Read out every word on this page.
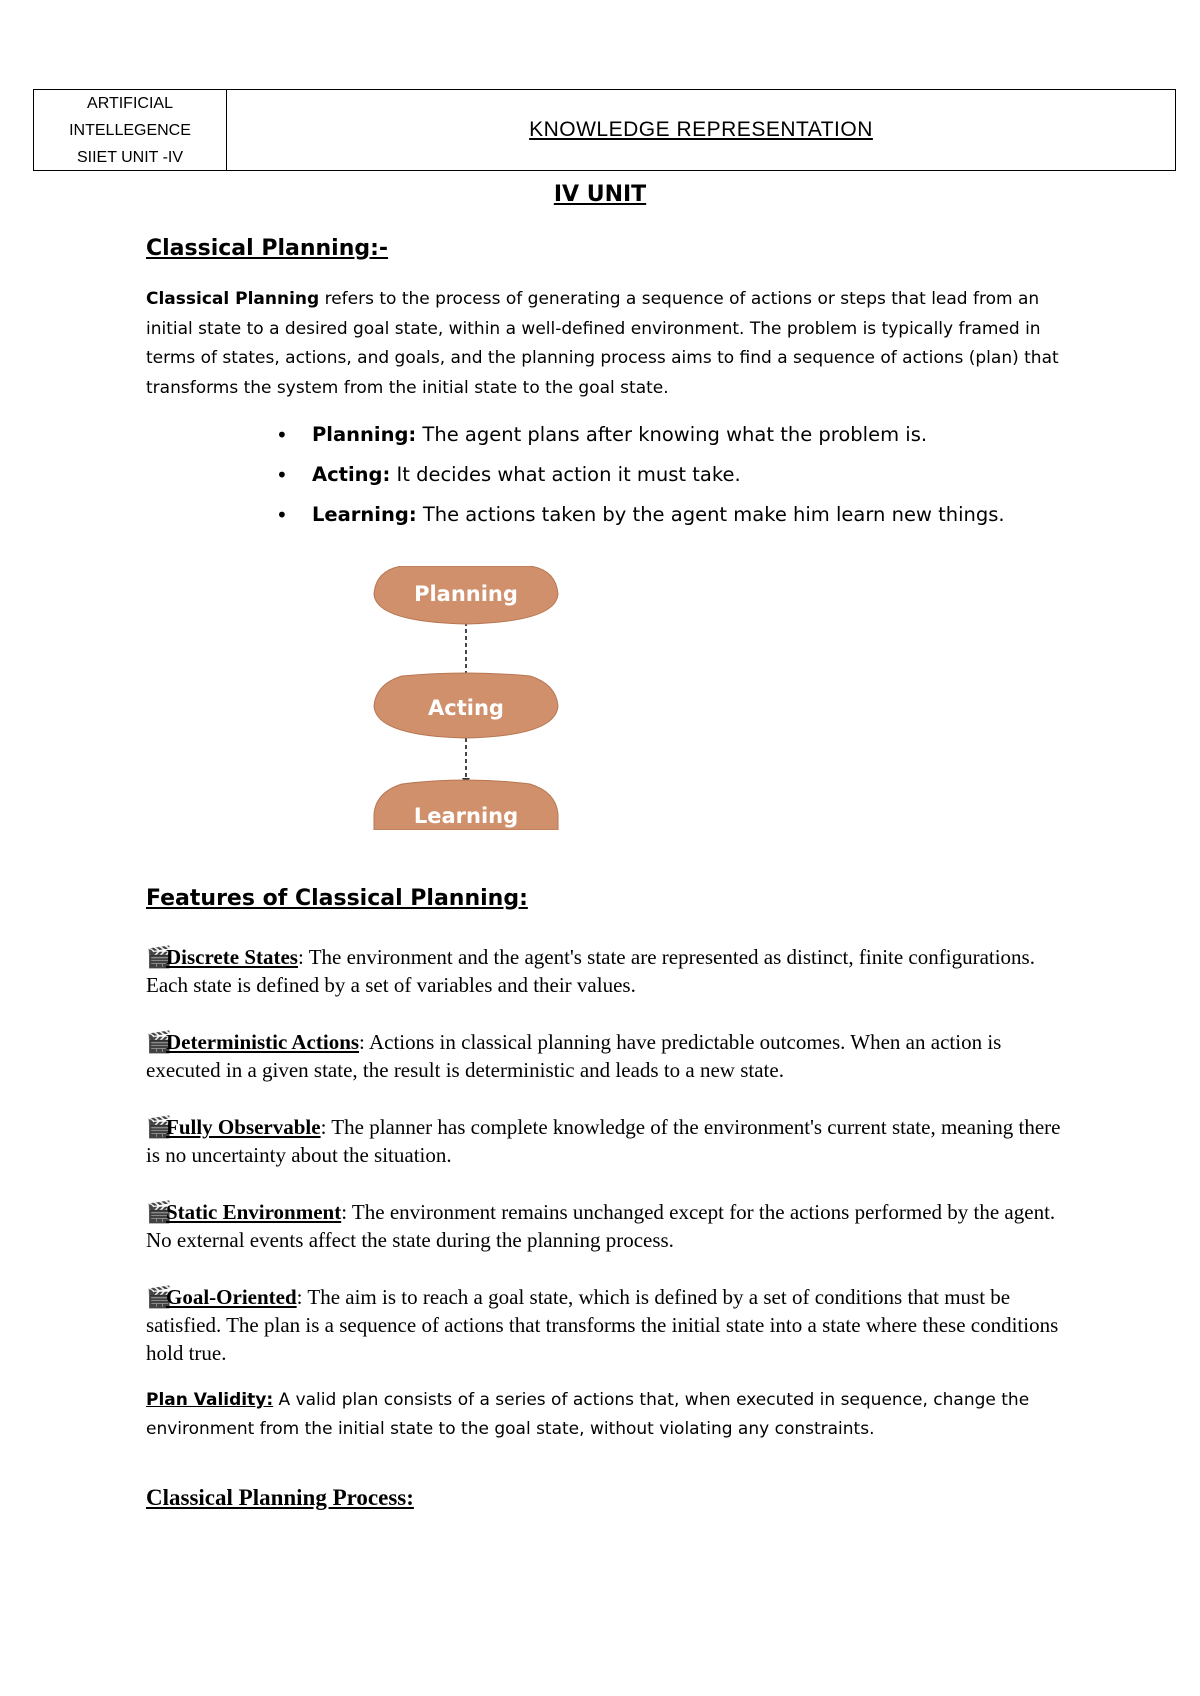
ARTIFICIAL
INTELLEGENCE
SIIET UNIT -IV
KNOWLEDGE REPRESENTATION
IV UNIT
Classical Planning:-
Classical Planning refers to the process of generating a sequence of actions or steps that lead from an initial state to a desired goal state, within a well-defined environment. The problem is typically framed in terms of states, actions, and goals, and the planning process aims to find a sequence of actions (plan) that transforms the system from the initial state to the goal state.
• Planning: The agent plans after knowing what the problem is.
• Acting: It decides what action it must take.
• Learning: The actions taken by the agent make him learn new things.
Planning
Acting
Learning
Features of Classical Planning:
🎬Discrete States: The environment and the agent's state are represented as distinct, finite configurations. Each state is defined by a set of variables and their values.
🎬Deterministic Actions: Actions in classical planning have predictable outcomes. When an action is executed in a given state, the result is deterministic and leads to a new state.
🎬Fully Observable: The planner has complete knowledge of the environment's current state, meaning there is no uncertainty about the situation.
🎬Static Environment: The environment remains unchanged except for the actions performed by the agent. No external events affect the state during the planning process.
🎬Goal-Oriented: The aim is to reach a goal state, which is defined by a set of conditions that must be satisfied. The plan is a sequence of actions that transforms the initial state into a state where these conditions hold true.
Plan Validity: A valid plan consists of a series of actions that, when executed in sequence, change the environment from the initial state to the goal state, without violating any constraints.
Classical Planning Process:
